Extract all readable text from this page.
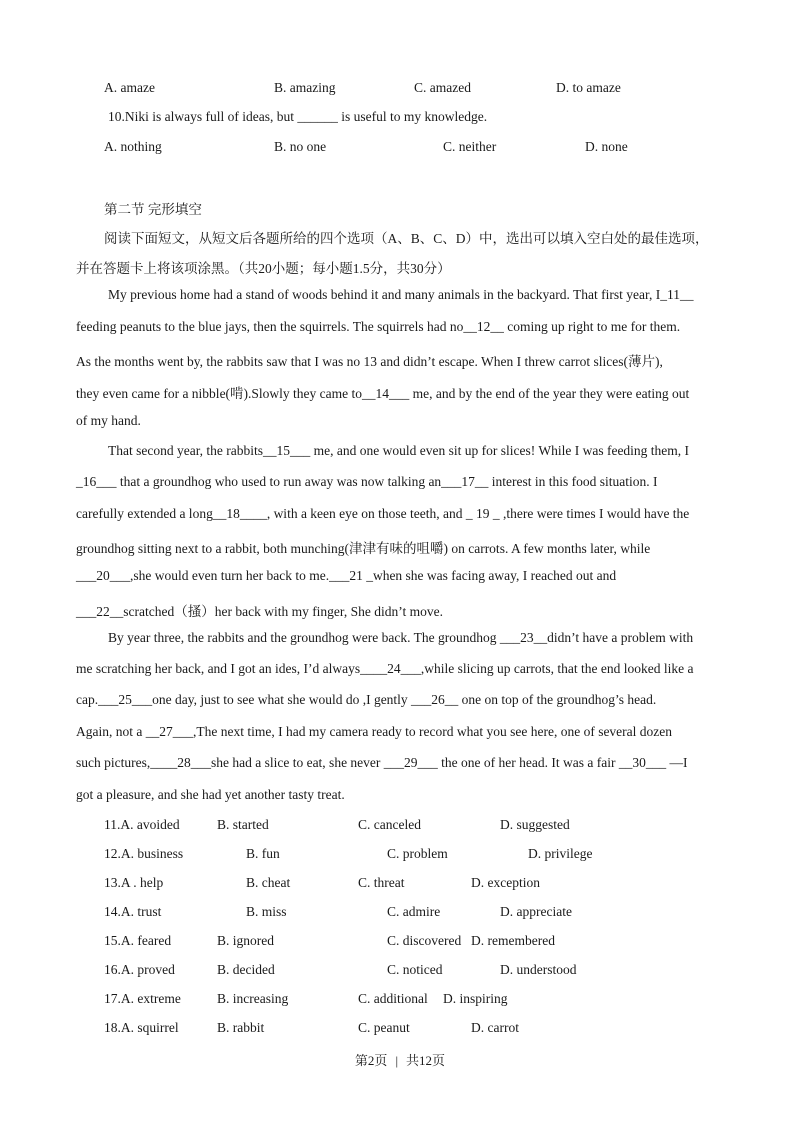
A. amaze	B. amazing	C. amazed	D. to amaze
10.Niki is always full of ideas, but ______ is useful to my knowledge.
A. nothing	B. no one	C. neither	D. none
第二节 完形填空
阅读下面短文，从短文后各题所给的四个选项（A、B、C、D）中，选出可以填入空白处的最佳选项，
并在答题卡上将该项涂黑。（共20小题；每小题1.5分，共30分）
My previous home had a stand of woods behind it and many animals in the backyard. That first year, I_11__
feeding peanuts to the blue jays, then the squirrels. The squirrels had no__12__ coming up right to me for them.
As the months went by, the rabbits saw that I was no 13 and didn’t escape. When I threw carrot slices(薄片),
they even came for a nibble(啃).Slowly they came to__14___ me, and by the end of the year they were eating out
of my hand.
That second year, the rabbits__15___ me, and one would even sit up for slices! While I was feeding them, I
_16___ that a groundhog who used to run away was now talking an___17__ interest in this food situation. I
carefully extended a long__18____, with a keen eye on those teeth, and _ 19 _ ,there were times I would have the
groundhog sitting next to a rabbit, both munching(津津有味的咀嚼) on carrots. A few months later, while
___20___,she would even turn her back to me.___21 _when she was facing away, I reached out and
___22__scratched（搔）her back with my finger, She didn’t move.
By year three, the rabbits and the groundhog were back. The groundhog ___23__didn’t have a problem with
me scratching her back, and I got an ides, I’d always____24___,while slicing up carrots, that the end looked like a
cap.___25___one day, just to see what she would do ,I gently ___26__ one on top of the groundhog’s head.
Again, not a __27___,The next time, I had my camera ready to record what you see here, one of several dozen
such pictures,____28___she had a slice to eat, she never ___29___ the one of her head. It was a fair __30___ —I
got a pleasure, and she had yet another tasty treat.
11.A. avoided	B. started	C. canceled	D. suggested
12.A. business	B. fun	C. problem	D. privilege
13.A . help	B. cheat	C. threat	D. exception
14.A. trust	B. miss	C. admire	D. appreciate
15.A. feared	B. ignored	C. discovered D. remembered
16.A. proved	B. decided	C. noticed	D. understood
17.A. extreme	B. increasing	C. additional D. inspiring
18.A. squirrel	B. rabbit	C. peanut	D. carrot
第2页 | 共12页
